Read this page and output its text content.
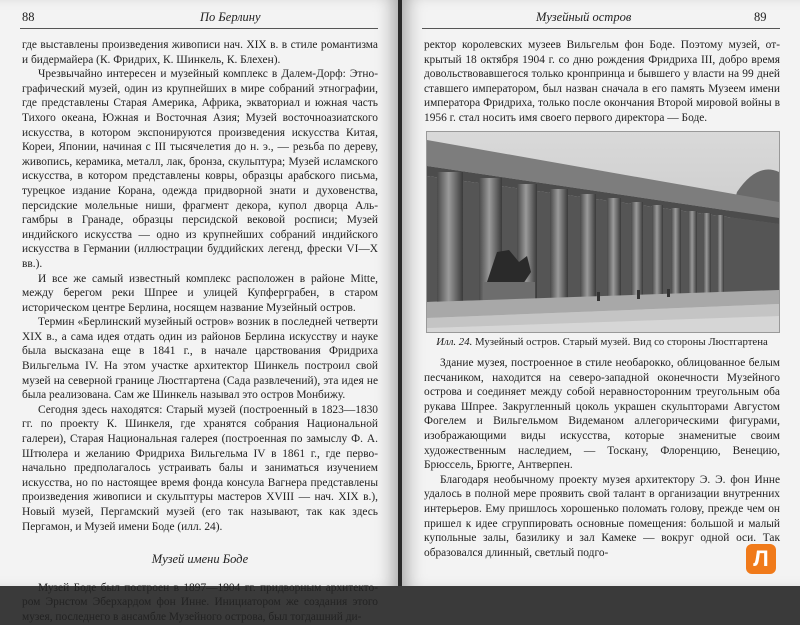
88	По Берлину

где выставлены произведения живописи нач. XIX в. в стиле романтизма и бидермайера (К. Фридрих, К. Шинкель, К. Блехен).

Чрезвычайно интересен и музейный комплекс в Далем-Дорф: Этнографический музей, один из крупнейших в мире собраний этнографии, где представлены Старая Америка, Африка, экваториал и южная часть Тихого океана, Южная и Восточная Азия; Музей восточноазиатского искусства, в котором экспонируются произведения искусства Китая, Кореи, Японии, начиная с III тысячелетия до н. э., — резьба по дереву, живопись, керамика, металл, лак, бронза, скульптура; Музей исламского искусства, в котором представлены ковры, образцы арабского письма, турецкое издание Корана, одежда придворной знати и духовенства, персидские молельные ниши, фрагмент декора, купол дворца Альгамбры в Гранаде, образцы персидской вековой росписи; Музей индийского искусства — одно из крупнейших собраний индийского искусства в Германии (иллюстрации буддийских легенд, фрески VI—X вв.).

И все же самый известный комплекс расположен в районе Mitte, между берегом реки Шпрее и улицей Купферграбен, в старом историческом центре Берлина, носящем название Музейный остров.

Термин «Берлинский музейный остров» возник в последней четверти XIX в., а сама идея отдать один из районов Берлина искусству и науке была высказана еще в 1841 г., в начале царствования Фридриха Вильгельма IV. На этом участке архитектор Шинкель построил свой музей на северной границе Люстгартена (Сада развлечений), эта идея не была реализована. Сам же Шинкель называл это остров Монбижу.

Сегодня здесь находятся: Старый музей (построенный в 1823—1830 гг. по проекту К. Шинкеля, где хранятся собрания Национальной галереи), Старая Национальная галерея (построенная по замыслу Ф. А. Штюлера и желанию Фридриха Вильгельма IV в 1861 г., где первоначально предполагалось устраивать балы и заниматься изучением искусства, но по настоящее время фонда консула Вагнера представлены произведения живописи и скульптуры мастеров XVIII — нач. XIX в.), Новый музей, Пергамский музей (его так называют, так как здесь Пергамон, и Музей имени Боде (илл. 24).

Музей имени Боде

Музей Боде был построен в 1897—1904 гг. придворным архитектором Эрнстом Эберхардом фон Инне. Инициатором же создания этого музея, последнего в ансамбле Музейного острова, был тогдашний ди-

Музейный остров	89

ректор королевских музеев Вильгельм фон Боде. Поэтому музей, открытый 18 октября 1904 г. со дню рождения Фридриха III, добро время довольствовавшегося только кронпринца и бывшего у власти на 99 дней ставшего императором, был назван сначала в его память Музеем имени императора Фридриха, только после окончания Второй мировой войны в 1956 г. стал носить имя своего первого директора — Боде.

Илл. 24. Музейный остров. Старый музей. Вид со стороны Люстгартена

Здание музея, построенное в стиле необарокко, облицованное белым песчаником, находится на северо-западной оконечности Музейного острова и соединяет между собой неравносторонним треугольным оба рукава Шпрее. Закругленный цоколь украшен скульпторами Августом Фогелем и Вильгельмом Видеманом аллегорическими фигурами, изображающими виды искусства, которые знаменитые своим художественным наследием, — Тоскану, Флоренцию, Венецию, Брюссель, Брюгге, Антверпен.

Благодаря необычному проекту музея архитектору Э. Э. фон Инне удалось в полной мере проявить свой талант в организации внутренних интерьеров. Ему пришлось хорошенько поломать голову, прежде чем он пришел к идее сгруппировать основные помещения: большой и малый купольные залы, базилику и зал Камеке — вокруг одной оси. Так образовался длинный, светлый подго-	Л
